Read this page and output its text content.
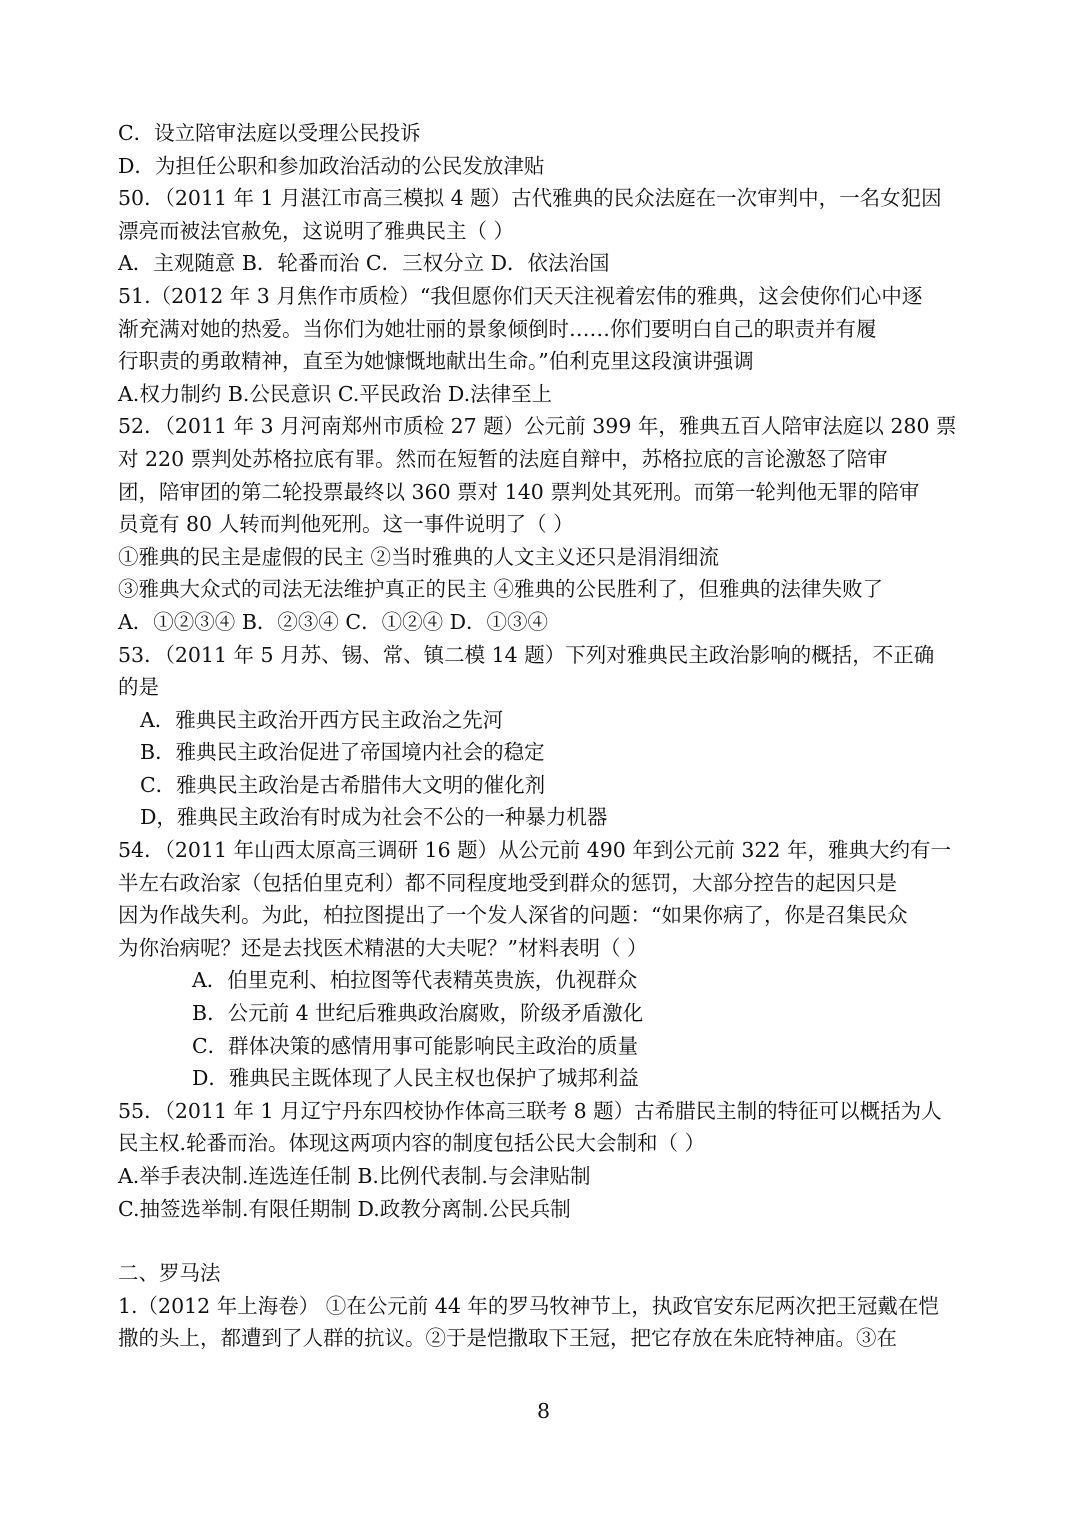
C．设立陪审法庭以受理公民投诉
D．为担任公职和参加政治活动的公民发放津贴
50．（2011 年 1 月湛江市高三模拟 4 题）古代雅典的民众法庭在一次审判中，一名女犯因
漂亮而被法官赦免，这说明了雅典民主（ ）
A．主观随意 B．轮番而治 C．三权分立 D．依法治国
51.（2012 年 3 月焦作市质检）“我但愿你们天天注视着宏伟的雅典，这会使你们心中逐
渐充满对她的热爱。当你们为她壮丽的景象倾倒时……你们要明白自己的职责并有履
行职责的勇敢精神，直至为她慷慨地献出生命。”伯利克里这段演讲强调
A.权力制约 B.公民意识 C.平民政治 D.法律至上
52．（2011 年 3 月河南郑州市质检 27 题）公元前 399 年，雅典五百人陪审法庭以 280 票
对 220 票判处苏格拉底有罪。然而在短暂的法庭自辩中，苏格拉底的言论激怒了陪审
团，陪审团的第二轮投票最终以 360 票对 140 票判处其死刑。而第一轮判他无罪的陪审
员竟有 80 人转而判他死刑。这一事件说明了（ ）
①雅典的民主是虚假的民主 ②当时雅典的人文主义还只是涓涓细流
③雅典大众式的司法无法维护真正的民主 ④雅典的公民胜利了，但雅典的法律失败了
A．①②③④ B．②③④ C．①②④ D．①③④
53．（2011 年 5 月苏、锡、常、镇二模 14 题）下列对雅典民主政治影响的概括，不正确
的是
A．雅典民主政治开西方民主政治之先河
B．雅典民主政治促进了帝国境内社会的稳定
C．雅典民主政治是古希腊伟大文明的催化剂
D，雅典民主政治有时成为社会不公的一种暴力机器
54．（2011 年山西太原高三调研 16 题）从公元前 490 年到公元前 322 年，雅典大约有一
半左右政治家（包括伯里克利）都不同程度地受到群众的惩罚，大部分控告的起因只是
因为作战失利。为此，柏拉图提出了一个发人深省的问题：“如果你病了，你是召集民众
为你治病呢？还是去找医术精湛的大夫呢？”材料表明（ ）
A．伯里克利、柏拉图等代表精英贵族，仇视群众
B．公元前 4 世纪后雅典政治腐败，阶级矛盾激化
C．群体决策的感情用事可能影响民主政治的质量
D．雅典民主既体现了人民主权也保护了城邦利益
55．（2011 年 1 月辽宁丹东四校协作体高三联考 8 题）古希腊民主制的特征可以概括为人
民主权.轮番而治。体现这两项内容的制度包括公民大会制和（ ）
A.举手表决制.连选连任制 B.比例代表制.与会津贴制
C.抽签选举制.有限任期制 D.政教分离制.公民兵制
二、罗马法
1.（2012 年上海卷） ①在公元前 44 年的罗马牧神节上，执政官安东尼两次把王冠戴在恺
撒的头上，都遭到了人群的抗议。②于是恺撒取下王冠，把它存放在朱庇特神庙。③在
8
